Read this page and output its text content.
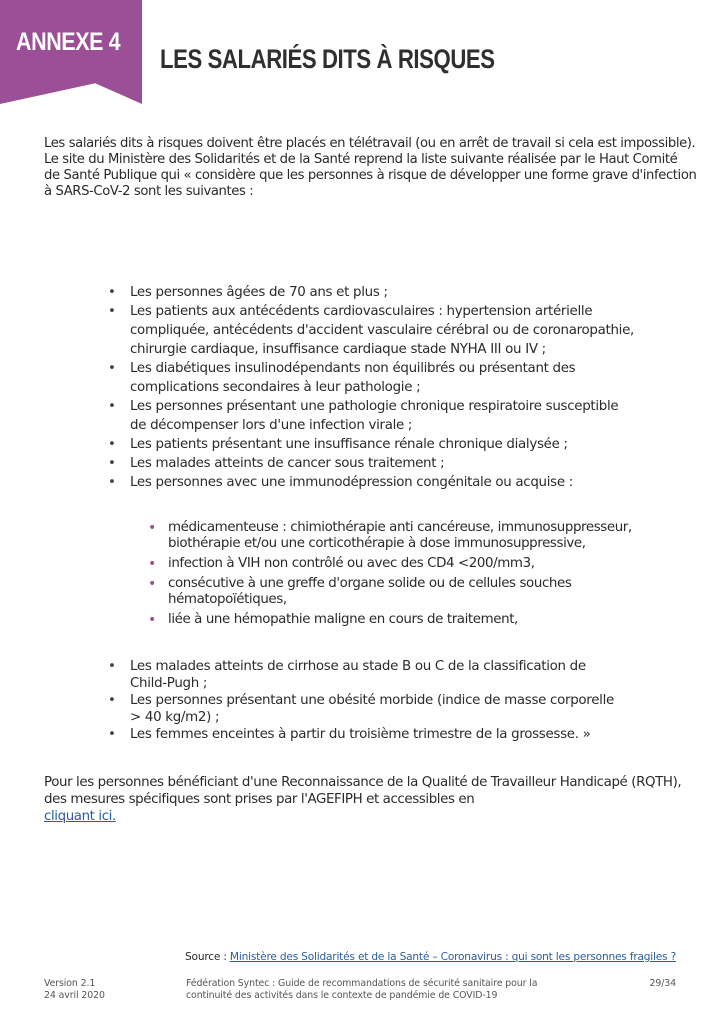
ANNEXE 4
LES SALARIÉS DITS À RISQUES
Les salariés dits à risques doivent être placés en télétravail (ou en arrêt de travail si cela est impossible).
Le site du Ministère des Solidarités et de la Santé reprend la liste suivante réalisée par le Haut Comité
de Santé Publique qui « considère que les personnes à risque de développer une forme grave d'infection
à SARS-CoV-2 sont les suivantes :
• Les personnes âgées de 70 ans et plus ;
• Les patients aux antécédents cardiovasculaires : hypertension artérielle
compliquée, antécédents d'accident vasculaire cérébral ou de coronaropathie,
chirurgie cardiaque, insuffisance cardiaque stade NYHA III ou IV ;
• Les diabétiques insulinodépendants non équilibrés ou présentant des
complications secondaires à leur pathologie ;
• Les personnes présentant une pathologie chronique respiratoire susceptible
de décompenser lors d'une infection virale ;
• Les patients présentant une insuffisance rénale chronique dialysée ;
• Les malades atteints de cancer sous traitement ;
• Les personnes avec une immunodépression congénitale ou acquise :
• médicamenteuse : chimiothérapie anti cancéreuse, immunosuppresseur,
biothérapie et/ou une corticothérapie à dose immunosuppressive,
• infection à VIH non contrôlé ou avec des CD4 <200/mm3,
• consécutive à une greffe d'organe solide ou de cellules souches
hématopoïétiques,
• liée à une hémopathie maligne en cours de traitement,
• Les malades atteints de cirrhose au stade B ou C de la classification de
Child-Pugh ;
• Les personnes présentant une obésité morbide (indice de masse corporelle
> 40 kg/m2) ;
• Les femmes enceintes à partir du troisième trimestre de la grossesse. »
Pour les personnes bénéficiant d'une Reconnaissance de la Qualité de Travailleur Handicapé (RQTH),
des mesures spécifiques sont prises par l'AGEFIPH et accessibles en
cliquant ici.
Source : Ministère des Solidarités et de la Santé – Coronavirus : qui sont les personnes fragiles ?
Version 2.1
24 avril 2020
Fédération Syntec : Guide de recommandations de sécurité sanitaire pour la
continuité des activités dans le contexte de pandémie de COVID-19
29/34
